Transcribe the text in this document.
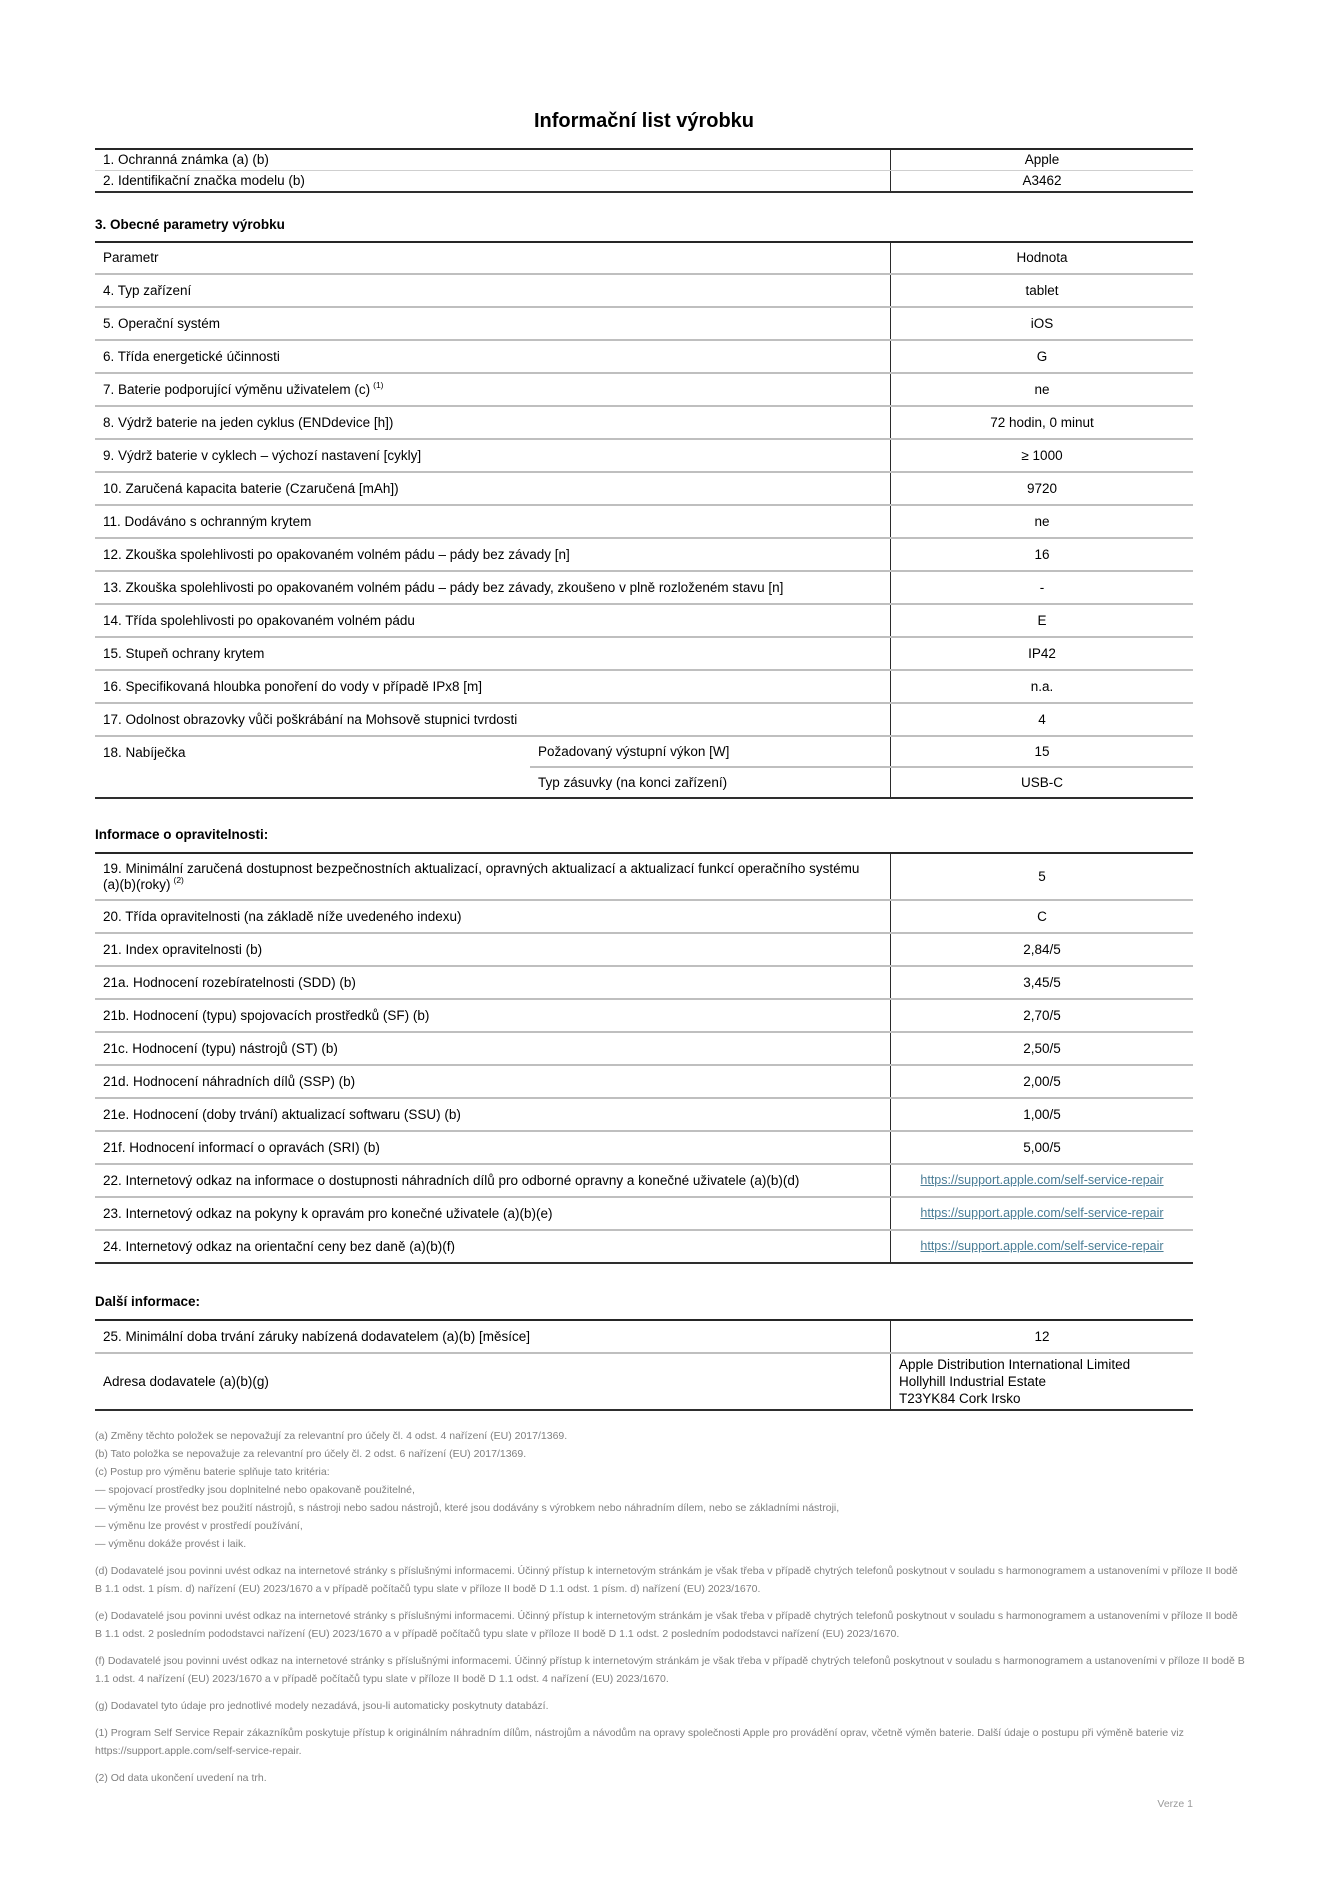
Informační list výrobku
1. Ochranná známka (a) (b)	Apple
2. Identifikační značka modelu (b)	A3462
3. Obecné parametry výrobku
Parametr	Hodnota
4. Typ zařízení	tablet
5. Operační systém	iOS
6. Třída energetické účinnosti	G
7. Baterie podporující výměnu uživatelem (c) $^{(1)}$	ne
8. Výdrž baterie na jeden cyklus (ENDdevice [h])	72 hodin, 0 minut
9. Výdrž baterie v cyklech – výchozí nastavení [cykly]	≥ 1000
10. Zaručená kapacita baterie (Czaručená [mAh])	9720
11. Dodáváno s ochranným krytem	ne
12. Zkouška spolehlivosti po opakovaném volném pádu – pády bez závady [n]	16
13. Zkouška spolehlivosti po opakovaném volném pádu – pády bez závady, zkoušeno v plně rozloženém stavu [n]	-
14. Třída spolehlivosti po opakovaném volném pádu	E
15. Stupeň ochrany krytem	IP42
16. Specifikovaná hloubka ponoření do vody v případě IPx8 [m]	n.a.
17. Odolnost obrazovky vůči poškrábání na Mohsově stupnici tvrdosti	4
18. Nabíječka	Požadovaný výstupní výkon [W]	15
Typ zásuvky (na konci zařízení)	USB-C
Informace o opravitelnosti:
19. Minimální zaručená dostupnost bezpečnostních aktualizací, opravných aktualizací a aktualizací funkcí operačního systému (a)(b)(roky) $^{(2)}$	5
20. Třída opravitelnosti (na základě níže uvedeného indexu)	C
21. Index opravitelnosti (b)	2,84/5
21a. Hodnocení rozebíratelnosti (SDD) (b)	3,45/5
21b. Hodnocení (typu) spojovacích prostředků (SF) (b)	2,70/5
21c. Hodnocení (typu) nástrojů (ST) (b)	2,50/5
21d. Hodnocení náhradních dílů (SSP) (b)	2,00/5
21e. Hodnocení (doby trvání) aktualizací softwaru (SSU) (b)	1,00/5
21f. Hodnocení informací o opravách (SRI) (b)	5,00/5
22. Internetový odkaz na informace o dostupnosti náhradních dílů pro odborné opravny a konečné uživatele (a)(b)(d)	https://support.apple.com/self-service-repair
23. Internetový odkaz na pokyny k opravám pro konečné uživatele (a)(b)(e)	https://support.apple.com/self-service-repair
24. Internetový odkaz na orientační ceny bez daně (a)(b)(f)	https://support.apple.com/self-service-repair
Další informace:
25. Minimální doba trvání záruky nabízená dodavatelem (a)(b) [měsíce]	12
Adresa dodavatele (a)(b)(g)
Apple Distribution International Limited
Hollyhill Industrial Estate
T23YK84 Cork Irsko
(a) Změny těchto položek se nepovažují za relevantní pro účely čl. 4 odst. 4 nařízení (EU) 2017/1369.
(b) Tato položka se nepovažuje za relevantní pro účely čl. 2 odst. 6 nařízení (EU) 2017/1369.
(c) Postup pro výměnu baterie splňuje tato kritéria:
— spojovací prostředky jsou doplnitelné nebo opakovaně použitelné,
— výměnu lze provést bez použití nástrojů, s nástroji nebo sadou nástrojů, které jsou dodávány s výrobkem nebo náhradním dílem, nebo se základními nástroji,
— výměnu lze provést v prostředí používání,
— výměnu dokáže provést i laik.
(d) Dodavatelé jsou povinni uvést odkaz na internetové stránky s příslušnými informacemi. Účinný přístup k internetovým stránkám je však třeba v případě chytrých telefonů poskytnout v souladu s harmonogramem a ustanoveními v příloze II bodě B 1.1 odst. 1 písm. d) nařízení (EU) 2023/1670 a v případě počítačů typu slate v příloze II bodě D 1.1 odst. 1 písm. d) nařízení (EU) 2023/1670.
(e) Dodavatelé jsou povinni uvést odkaz na internetové stránky s příslušnými informacemi. Účinný přístup k internetovým stránkám je však třeba v případě chytrých telefonů poskytnout v souladu s harmonogramem a ustanoveními v příloze II bodě B 1.1 odst. 2 posledním pododstavci nařízení (EU) 2023/1670 a v případě počítačů typu slate v příloze II bodě D 1.1 odst. 2 posledním pododstavci nařízení (EU) 2023/1670.
(f) Dodavatelé jsou povinni uvést odkaz na internetové stránky s příslušnými informacemi. Účinný přístup k internetovým stránkám je však třeba v případě chytrých telefonů poskytnout v souladu s harmonogramem a ustanoveními v příloze II bodě B 1.1 odst. 4 nařízení (EU) 2023/1670 a v případě počítačů typu slate v příloze II bodě D 1.1 odst. 4 nařízení (EU) 2023/1670.
(g) Dodavatel tyto údaje pro jednotlivé modely nezadává, jsou-li automaticky poskytnuty databází.
(1) Program Self Service Repair zákazníkům poskytuje přístup k originálním náhradním dílům, nástrojům a návodům na opravy společnosti Apple pro provádění oprav, včetně výměn baterie. Další údaje o postupu při výměně baterie viz https://support.apple.com/self-service-repair.
(2) Od data ukončení uvedení na trh.
Verze 1
